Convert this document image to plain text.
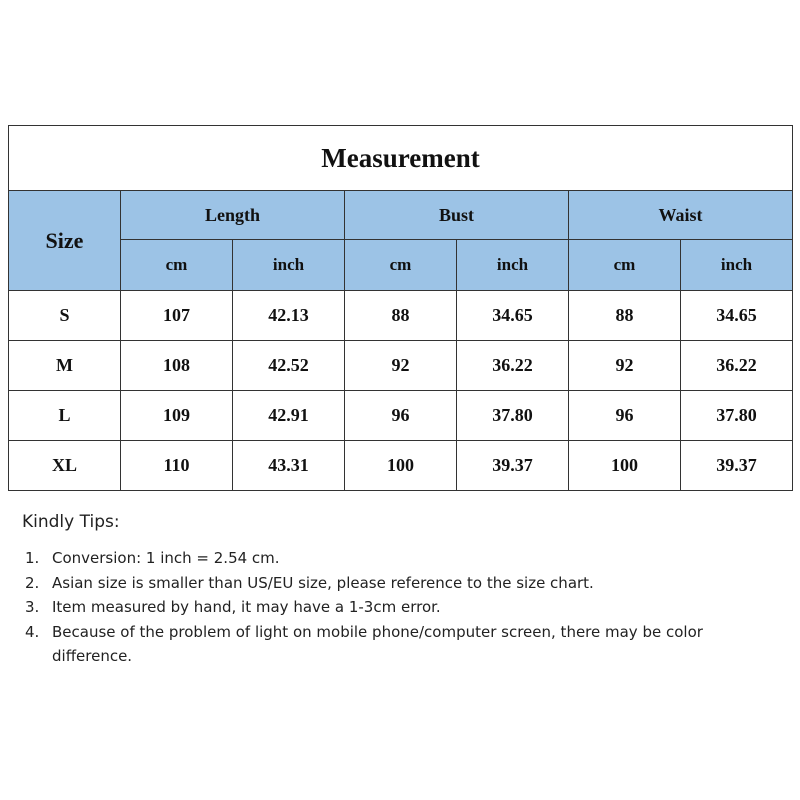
Measurement						
Size	Length		Bust		Waist	
	cm	inch	cm	inch	cm	inch
S	107	42.13	88	34.65	88	34.65
M	108	42.52	92	36.22	92	36.22
L	109	42.91	96	37.80	96	37.80
XL	110	43.31	100	39.37	100	39.37
Kindly Tips:
1. Conversion: 1 inch = 2.54 cm.
2. Asian size is smaller than US/EU size, please reference to the size chart.
3. Item measured by hand, it may have a 1-3cm error.
4. Because of the problem of light on mobile phone/computer screen, there may be color difference.
